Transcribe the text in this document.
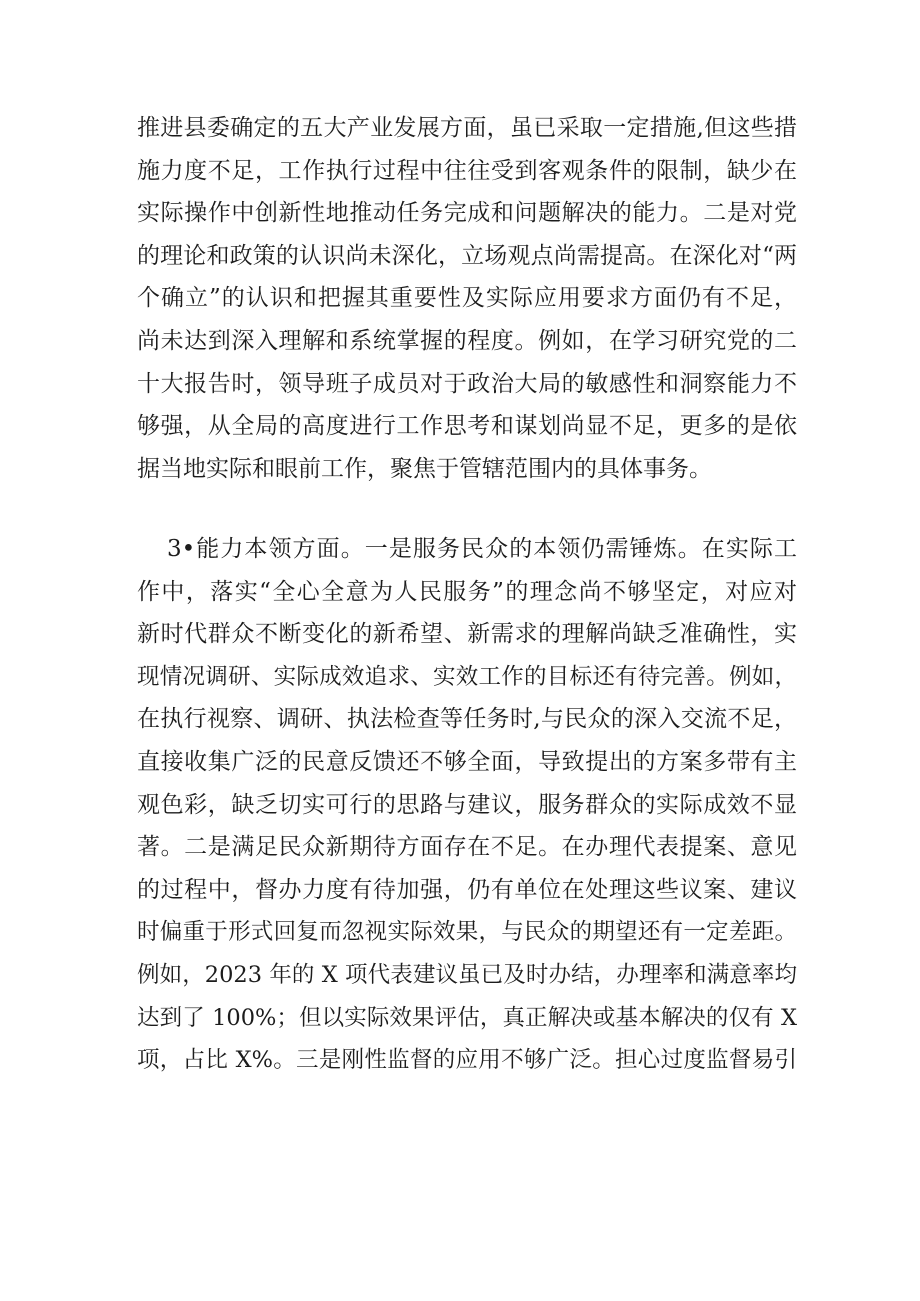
推进县委确定的五大产业发展方面，虽已采取一定措施,但这些措
施力度不足，工作执行过程中往往受到客观条件的限制，缺少在
实际操作中创新性地推动任务完成和问题解决的能力。二是对党
的理论和政策的认识尚未深化，立场观点尚需提高。在深化对“两
个确立”的认识和把握其重要性及实际应用要求方面仍有不足，
尚未达到深入理解和系统掌握的程度。例如，在学习研究党的二
十大报告时，领导班子成员对于政治大局的敏感性和洞察能力不
够强，从全局的高度进行工作思考和谋划尚显不足，更多的是依
据当地实际和眼前工作，聚焦于管辖范围内的具体事务。
3•能力本领方面。一是服务民众的本领仍需锤炼。在实际工
作中，落实“全心全意为人民服务”的理念尚不够坚定，对应对
新时代群众不断变化的新希望、新需求的理解尚缺乏准确性，实
现情况调研、实际成效追求、实效工作的目标还有待完善。例如，
在执行视察、调研、执法检查等任务时,与民众的深入交流不足，
直接收集广泛的民意反馈还不够全面，导致提出的方案多带有主
观色彩，缺乏切实可行的思路与建议，服务群众的实际成效不显
著。二是满足民众新期待方面存在不足。在办理代表提案、意见
的过程中，督办力度有待加强，仍有单位在处理这些议案、建议
时偏重于形式回复而忽视实际效果，与民众的期望还有一定差距。
例如，2023 年的 X 项代表建议虽已及时办结，办理率和满意率均
达到了 100%；但以实际效果评估，真正解决或基本解决的仅有 X
项，占比 X%。三是刚性监督的应用不够广泛。担心过度监督易引
